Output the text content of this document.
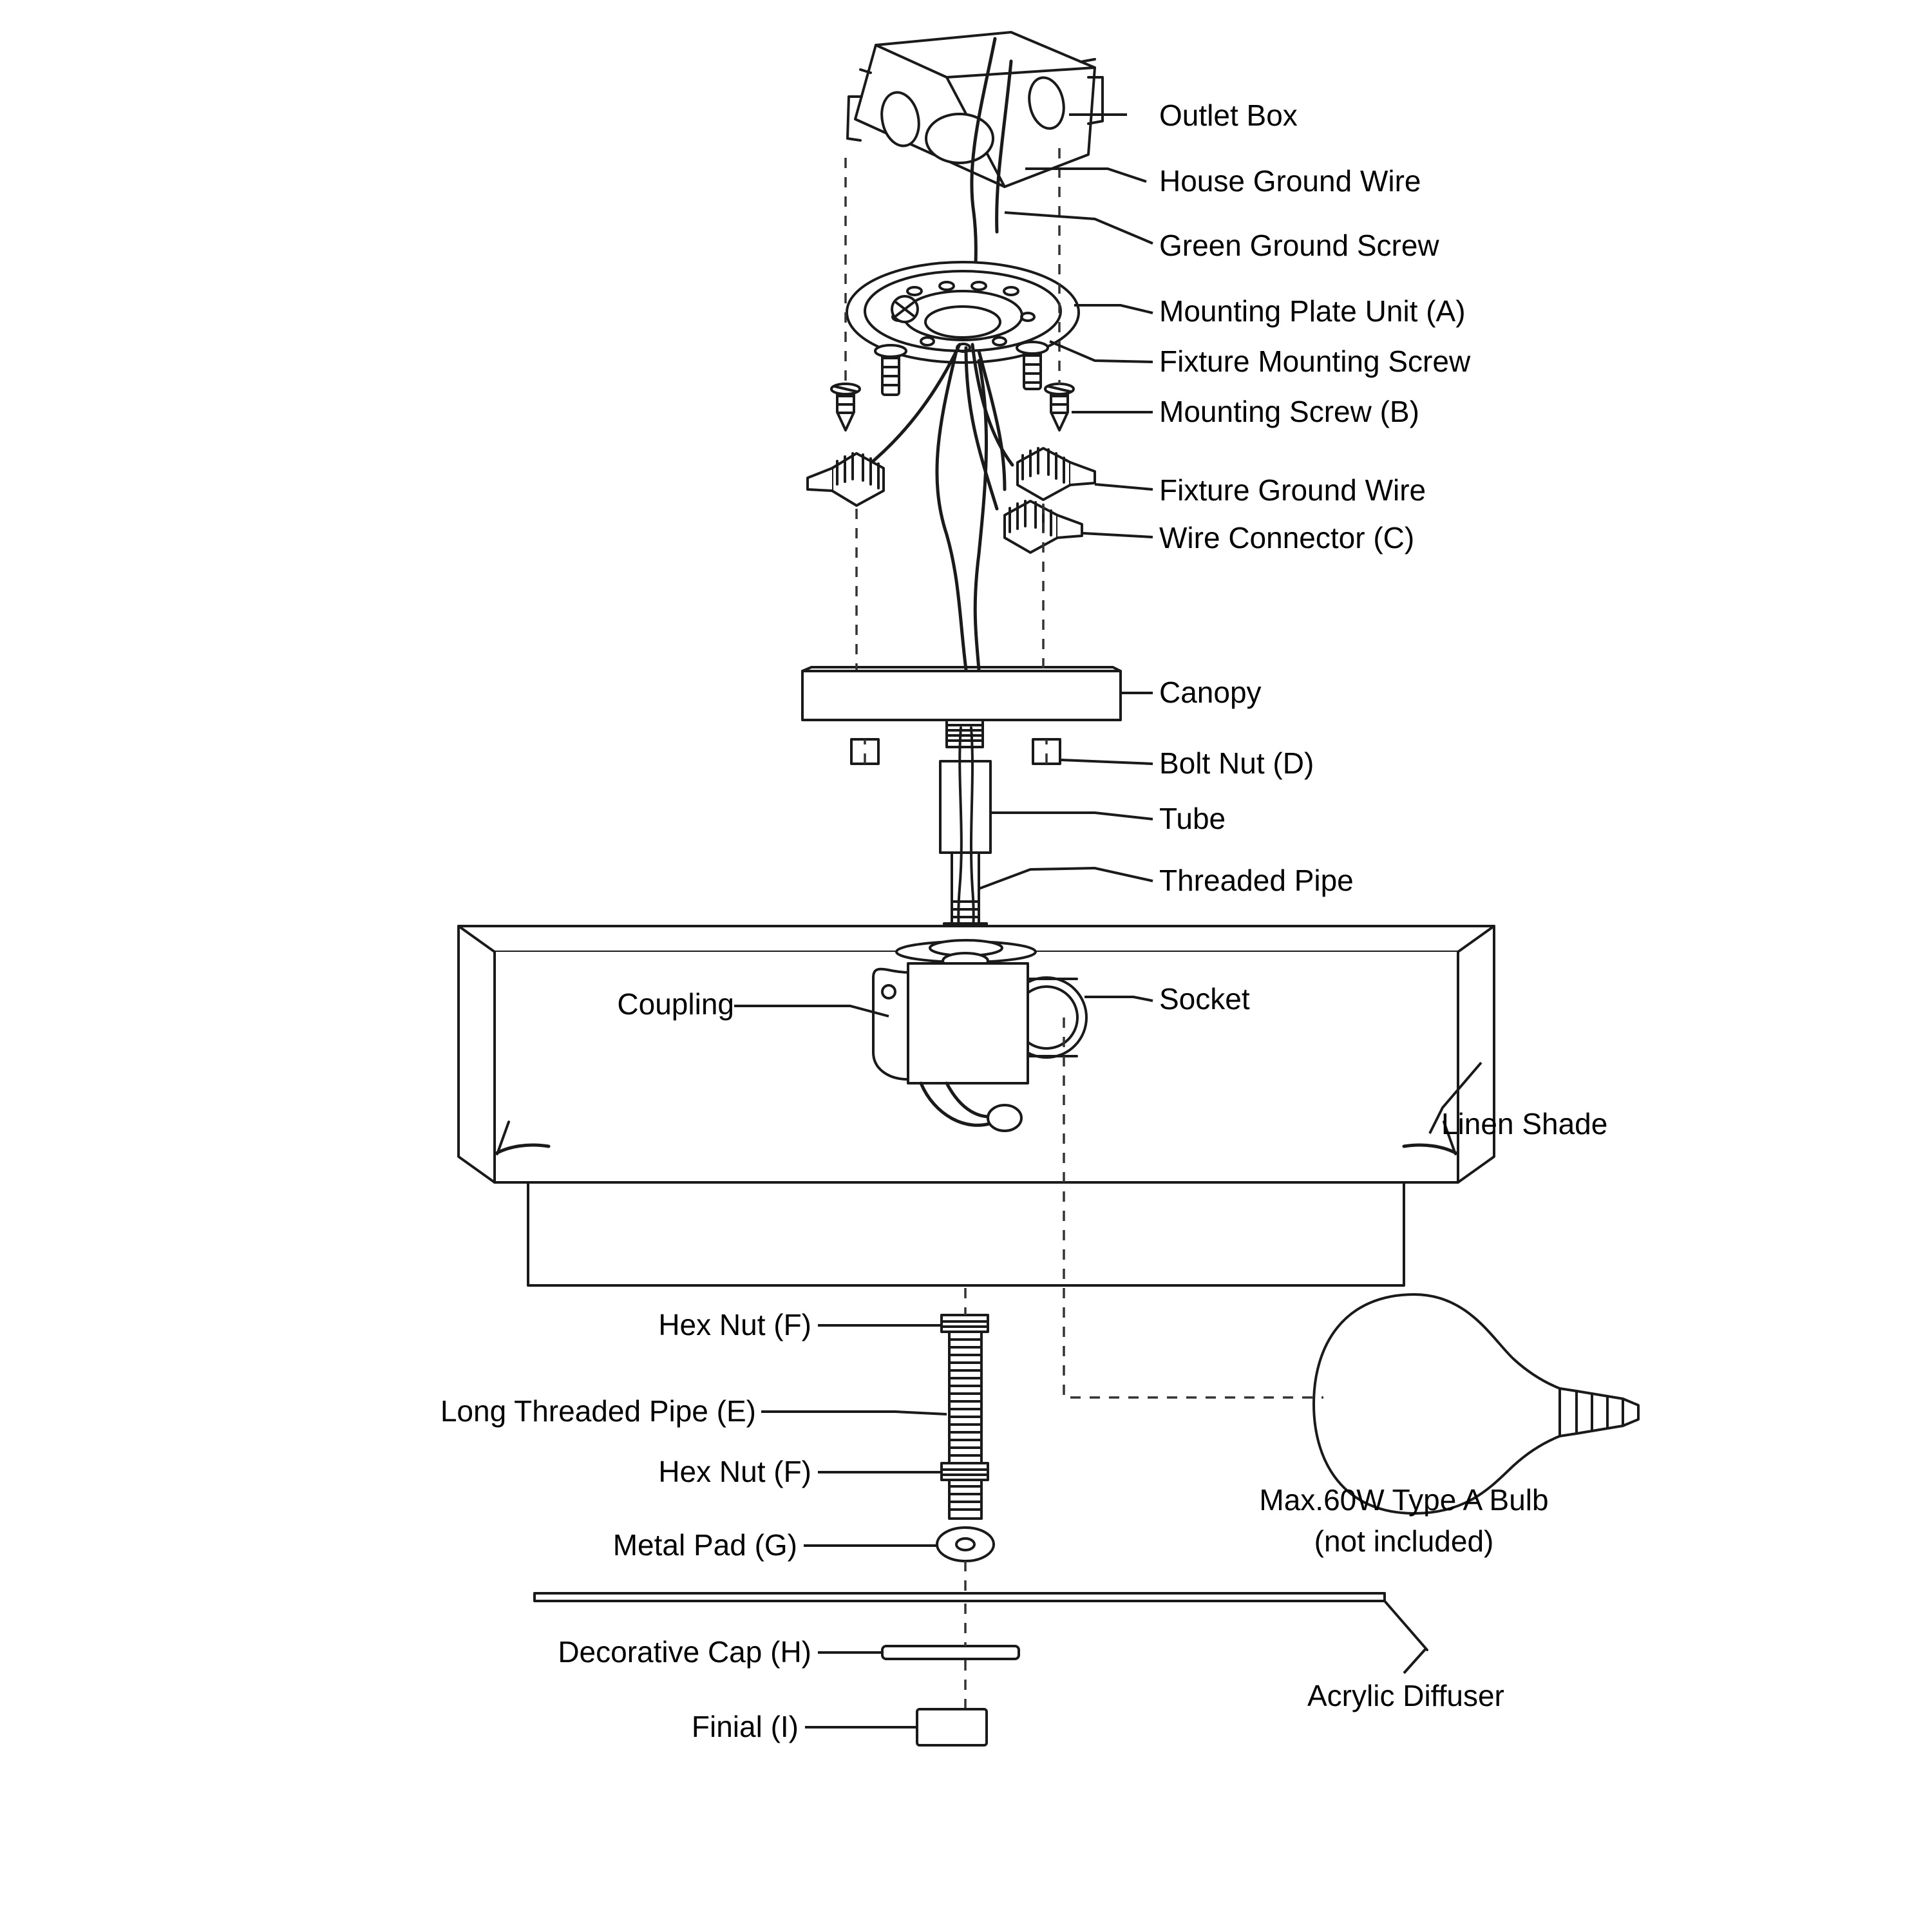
Outlet Box
House Ground Wire
Green Ground Screw
Mounting Plate Unit (A)
Fixture Mounting Screw
Mounting Screw (B)
Fixture Ground Wire
Wire Connector (C)
Canopy
Bolt Nut (D)
Tube
Threaded Pipe
Coupling	Socket
Linen Shade
Hex Nut (F)
Long Threaded Pipe (E)
Hex Nut (F)
Metal Pad (G)
Decorative Cap (H)
Finial (I)
Acrylic Diffuser
Max.60W Type A Bulb
(not included)
